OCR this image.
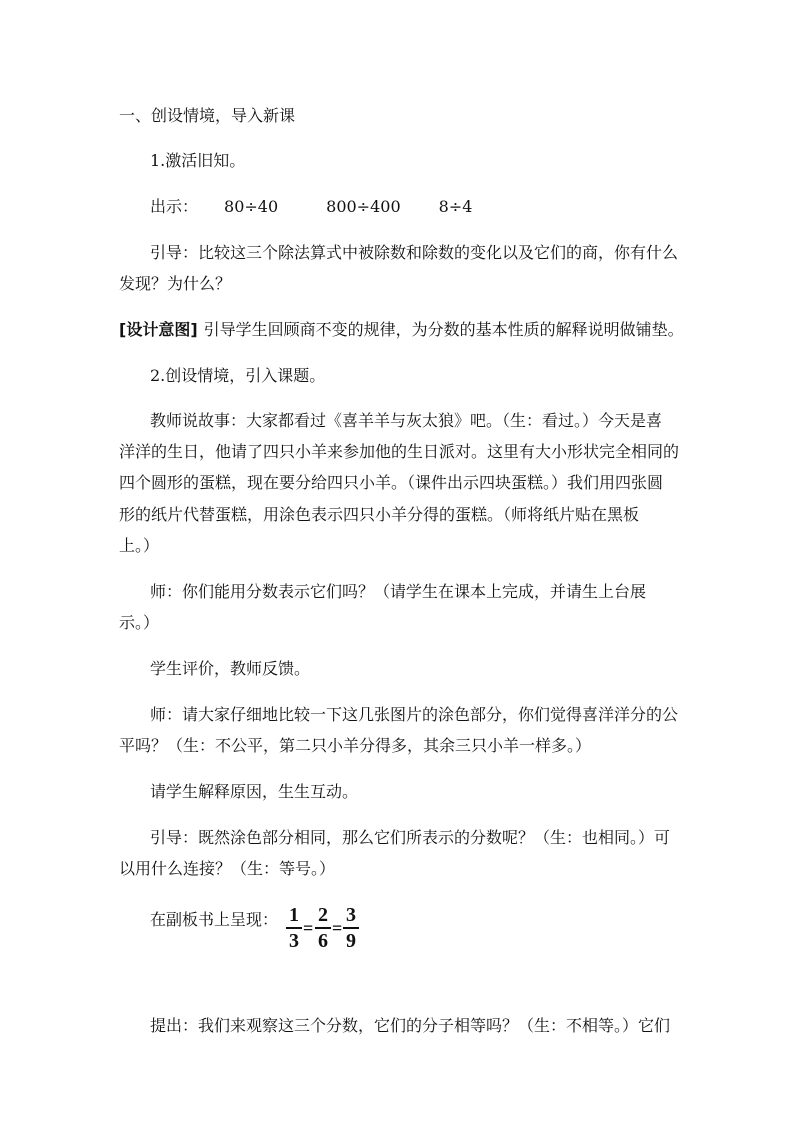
一、创设情境，导入新课
1.激活旧知。
出示： 80÷40	800÷400 8÷4
引导：比较这三个除法算式中被除数和除数的变化以及它们的商，你有什么
发现？为什么？
[设计意图] 引导学生回顾商不变的规律，为分数的基本性质的解释说明做铺垫。
2.创设情境，引入课题。
教师说故事：大家都看过《喜羊羊与灰太狼》吧。（生：看过。）今天是喜
洋洋的生日，他请了四只小羊来参加他的生日派对。这里有大小形状完全相同的
四个圆形的蛋糕，现在要分给四只小羊。（课件出示四块蛋糕。）我们用四张圆
形的纸片代替蛋糕，用涂色表示四只小羊分得的蛋糕。（师将纸片贴在黑板
上。）
师：你们能用分数表示它们吗？（请学生在课本上完成，并请生上台展
示。）
学生评价，教师反馈。
师：请大家仔细地比较一下这几张图片的涂色部分，你们觉得喜洋洋分的公
平吗？（生：不公平，第二只小羊分得多，其余三只小羊一样多。）
请学生解释原因，生生互动。
引导：既然涂色部分相同，那么它们所表示的分数呢？（生：也相同。）可
以用什么连接？（生：等号。）
在副板书上呈现： 1
3
=
2
6
=
3
9
提出：我们来观察这三个分数，它们的分子相等吗？（生：不相等。）它们
